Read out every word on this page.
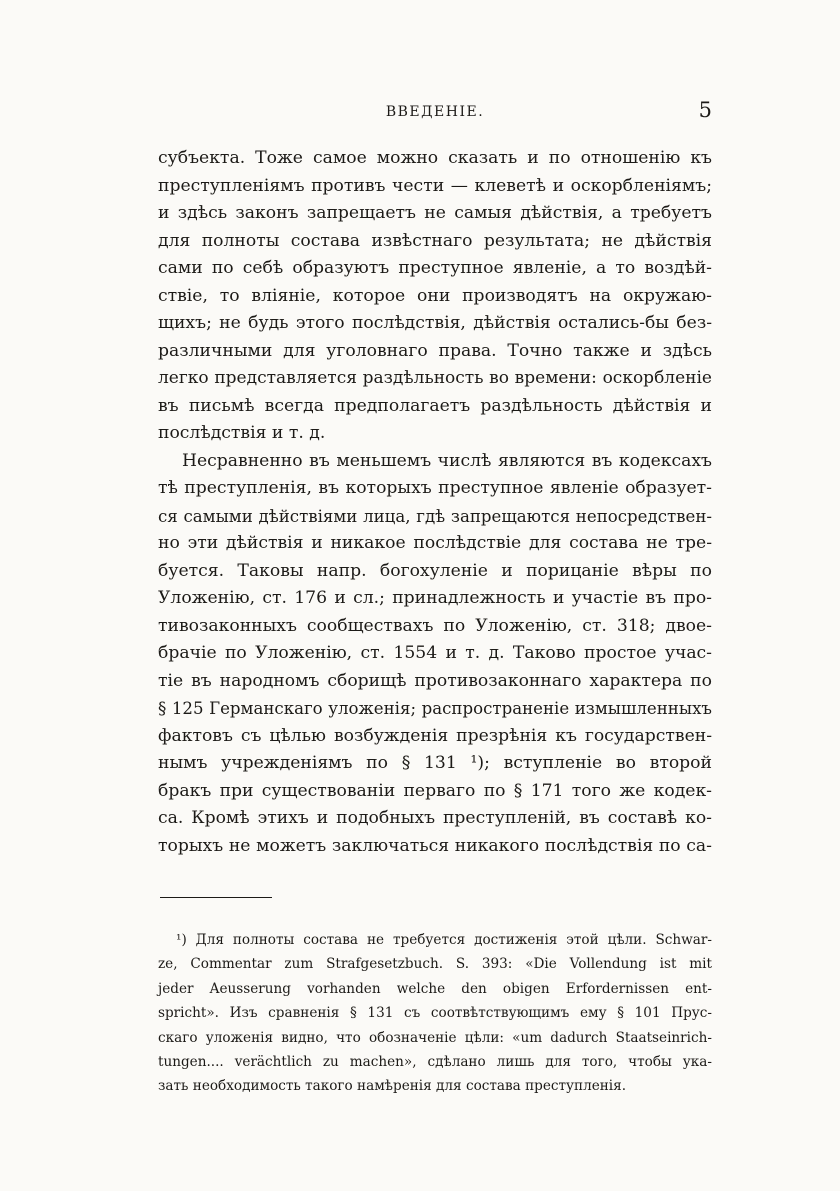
ВВЕДЕНІЕ.	5
субъекта. Тоже самое можно сказать и по отношенію къ
преступленіямъ противъ чести — клеветѣ и оскорбленіямъ;
и здѣсь законъ запрещаетъ не самыя дѣйствія, а требуетъ
для полноты состава извѣстнаго результата; не дѣйствія
сами по себѣ образуютъ преступное явленіе, а то воздѣй-
ствіе, то вліяніе, которое они производятъ на окружаю-
щихъ; не будь этого послѣдствія, дѣйствія остались-бы без-
различными для уголовнаго права. Точно также и здѣсь
легко представляется раздѣльность во времени: оскорбленіе
въ письмѣ всегда предполагаетъ раздѣльность дѣйствія и
послѣдствія и т. д.
Несравненно въ меньшемъ числѣ являются въ кодексахъ
тѣ преступленія, въ которыхъ преступное явленіе образует-
ся самыми дѣйствіями лица, гдѣ запрещаются непосредствен-
но эти дѣйствія и никакое послѣдствіе для состава не тре-
буется. Таковы напр. богохуленіе и порицаніе вѣры по
Уложенію, ст. 176 и сл.; принадлежность и участіе въ про-
тивозаконныхъ сообществахъ по Уложенію, ст. 318; двое-
брачіе по Уложенію, ст. 1554 и т. д. Таково простое учас-
тіе въ народномъ сборищѣ противозаконнаго характера по
§ 125 Германскаго уложенія; распространеніе измышленныхъ
фактовъ съ цѣлью возбужденія презрѣнія къ государствен-
нымъ учрежденіямъ по § 131 ¹); вступленіе во второй
бракъ при существованіи перваго по § 171 того же кодек-
са. Кромѣ этихъ и подобныхъ преступленій, въ составѣ ко-
торыхъ не можетъ заключаться никакого послѣдствія по са-
¹) Для полноты состава не требуется достиженія этой цѣли. Schwar-
ze, Commentar zum Strafgesetzbuch. S. 393: «Die Vollendung ist mit
jeder Aeusserung vorhanden welche den obigen Erfordernissen ent-
spricht». Изъ сравненія § 131 съ соотвѣтствующимъ ему § 101 Прус-
скаго уложенія видно, что обозначеніе цѣли: «um dadurch Staatseinrich-
tungen.... verächtlich zu machen», сдѣлано лишь для того, чтобы ука-
зать необходимость такого намѣренія для состава преступленія.
